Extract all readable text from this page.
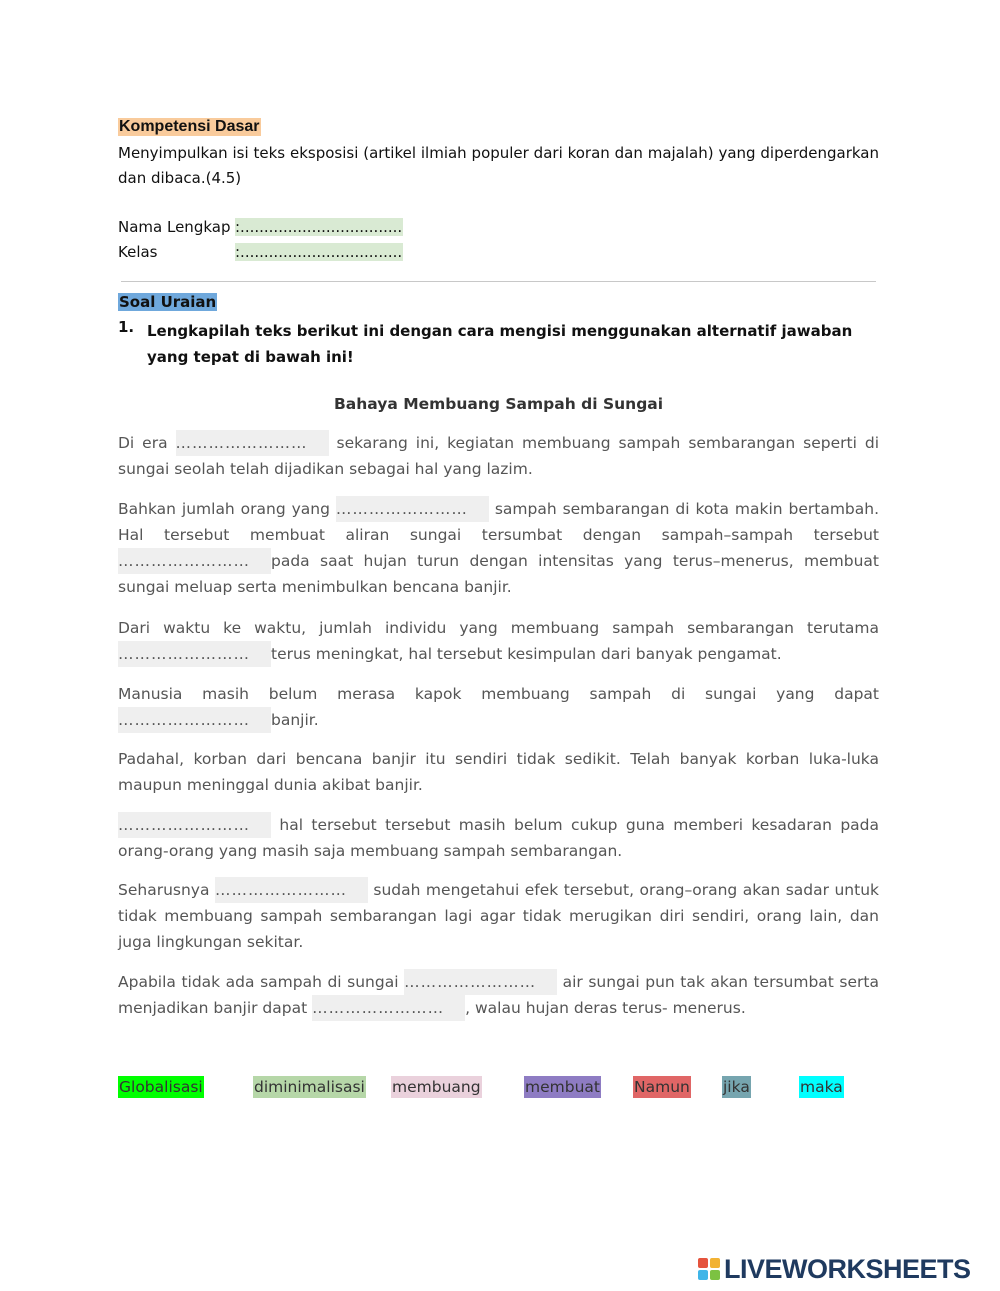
Kompetensi Dasar
Menyimpulkan isi teks eksposisi (artikel ilmiah populer dari koran dan majalah) yang diperdengarkan dan dibaca.(4.5)
Nama Lengkap :..................................
Kelas	:..................................
Soal Uraian
1. Lengkapilah teks berikut ini dengan cara mengisi menggunakan alternatif jawaban yang tepat di bawah ini!
Bahaya Membuang Sampah di Sungai
Di era …………………… sekarang ini, kegiatan membuang sampah sembarangan seperti di sungai seolah telah dijadikan sebagai hal yang lazim.
Bahkan jumlah orang yang …………………… sampah sembarangan di kota makin bertambah. Hal tersebut membuat aliran sungai tersumbat dengan sampah–sampah tersebut …………………… pada saat hujan turun dengan intensitas yang terus–menerus, membuat sungai meluap serta menimbulkan bencana banjir.
Dari waktu ke waktu, jumlah individu yang membuang sampah sembarangan terutama …………………… terus meningkat, hal tersebut kesimpulan dari banyak pengamat.
Manusia masih belum merasa kapok membuang sampah di sungai yang dapat …………………… banjir.
Padahal, korban dari bencana banjir itu sendiri tidak sedikit. Telah banyak korban luka-luka maupun meninggal dunia akibat banjir.
…………………… hal tersebut tersebut masih belum cukup guna memberi kesadaran pada orang-orang yang masih saja membuang sampah sembarangan.
Seharusnya …………………… sudah mengetahui efek tersebut, orang–orang akan sadar untuk tidak membuang sampah sembarangan lagi agar tidak merugikan diri sendiri, orang lain, dan juga lingkungan sekitar.
Apabila tidak ada sampah di sungai …………………… air sungai pun tak akan tersumbat serta menjadikan banjir dapat …………………… , walau hujan deras terus- menerus.
Globalisasi	diminimalisasi membuang	membuat Namun jika	maka
LIVEWORKSHEETS
